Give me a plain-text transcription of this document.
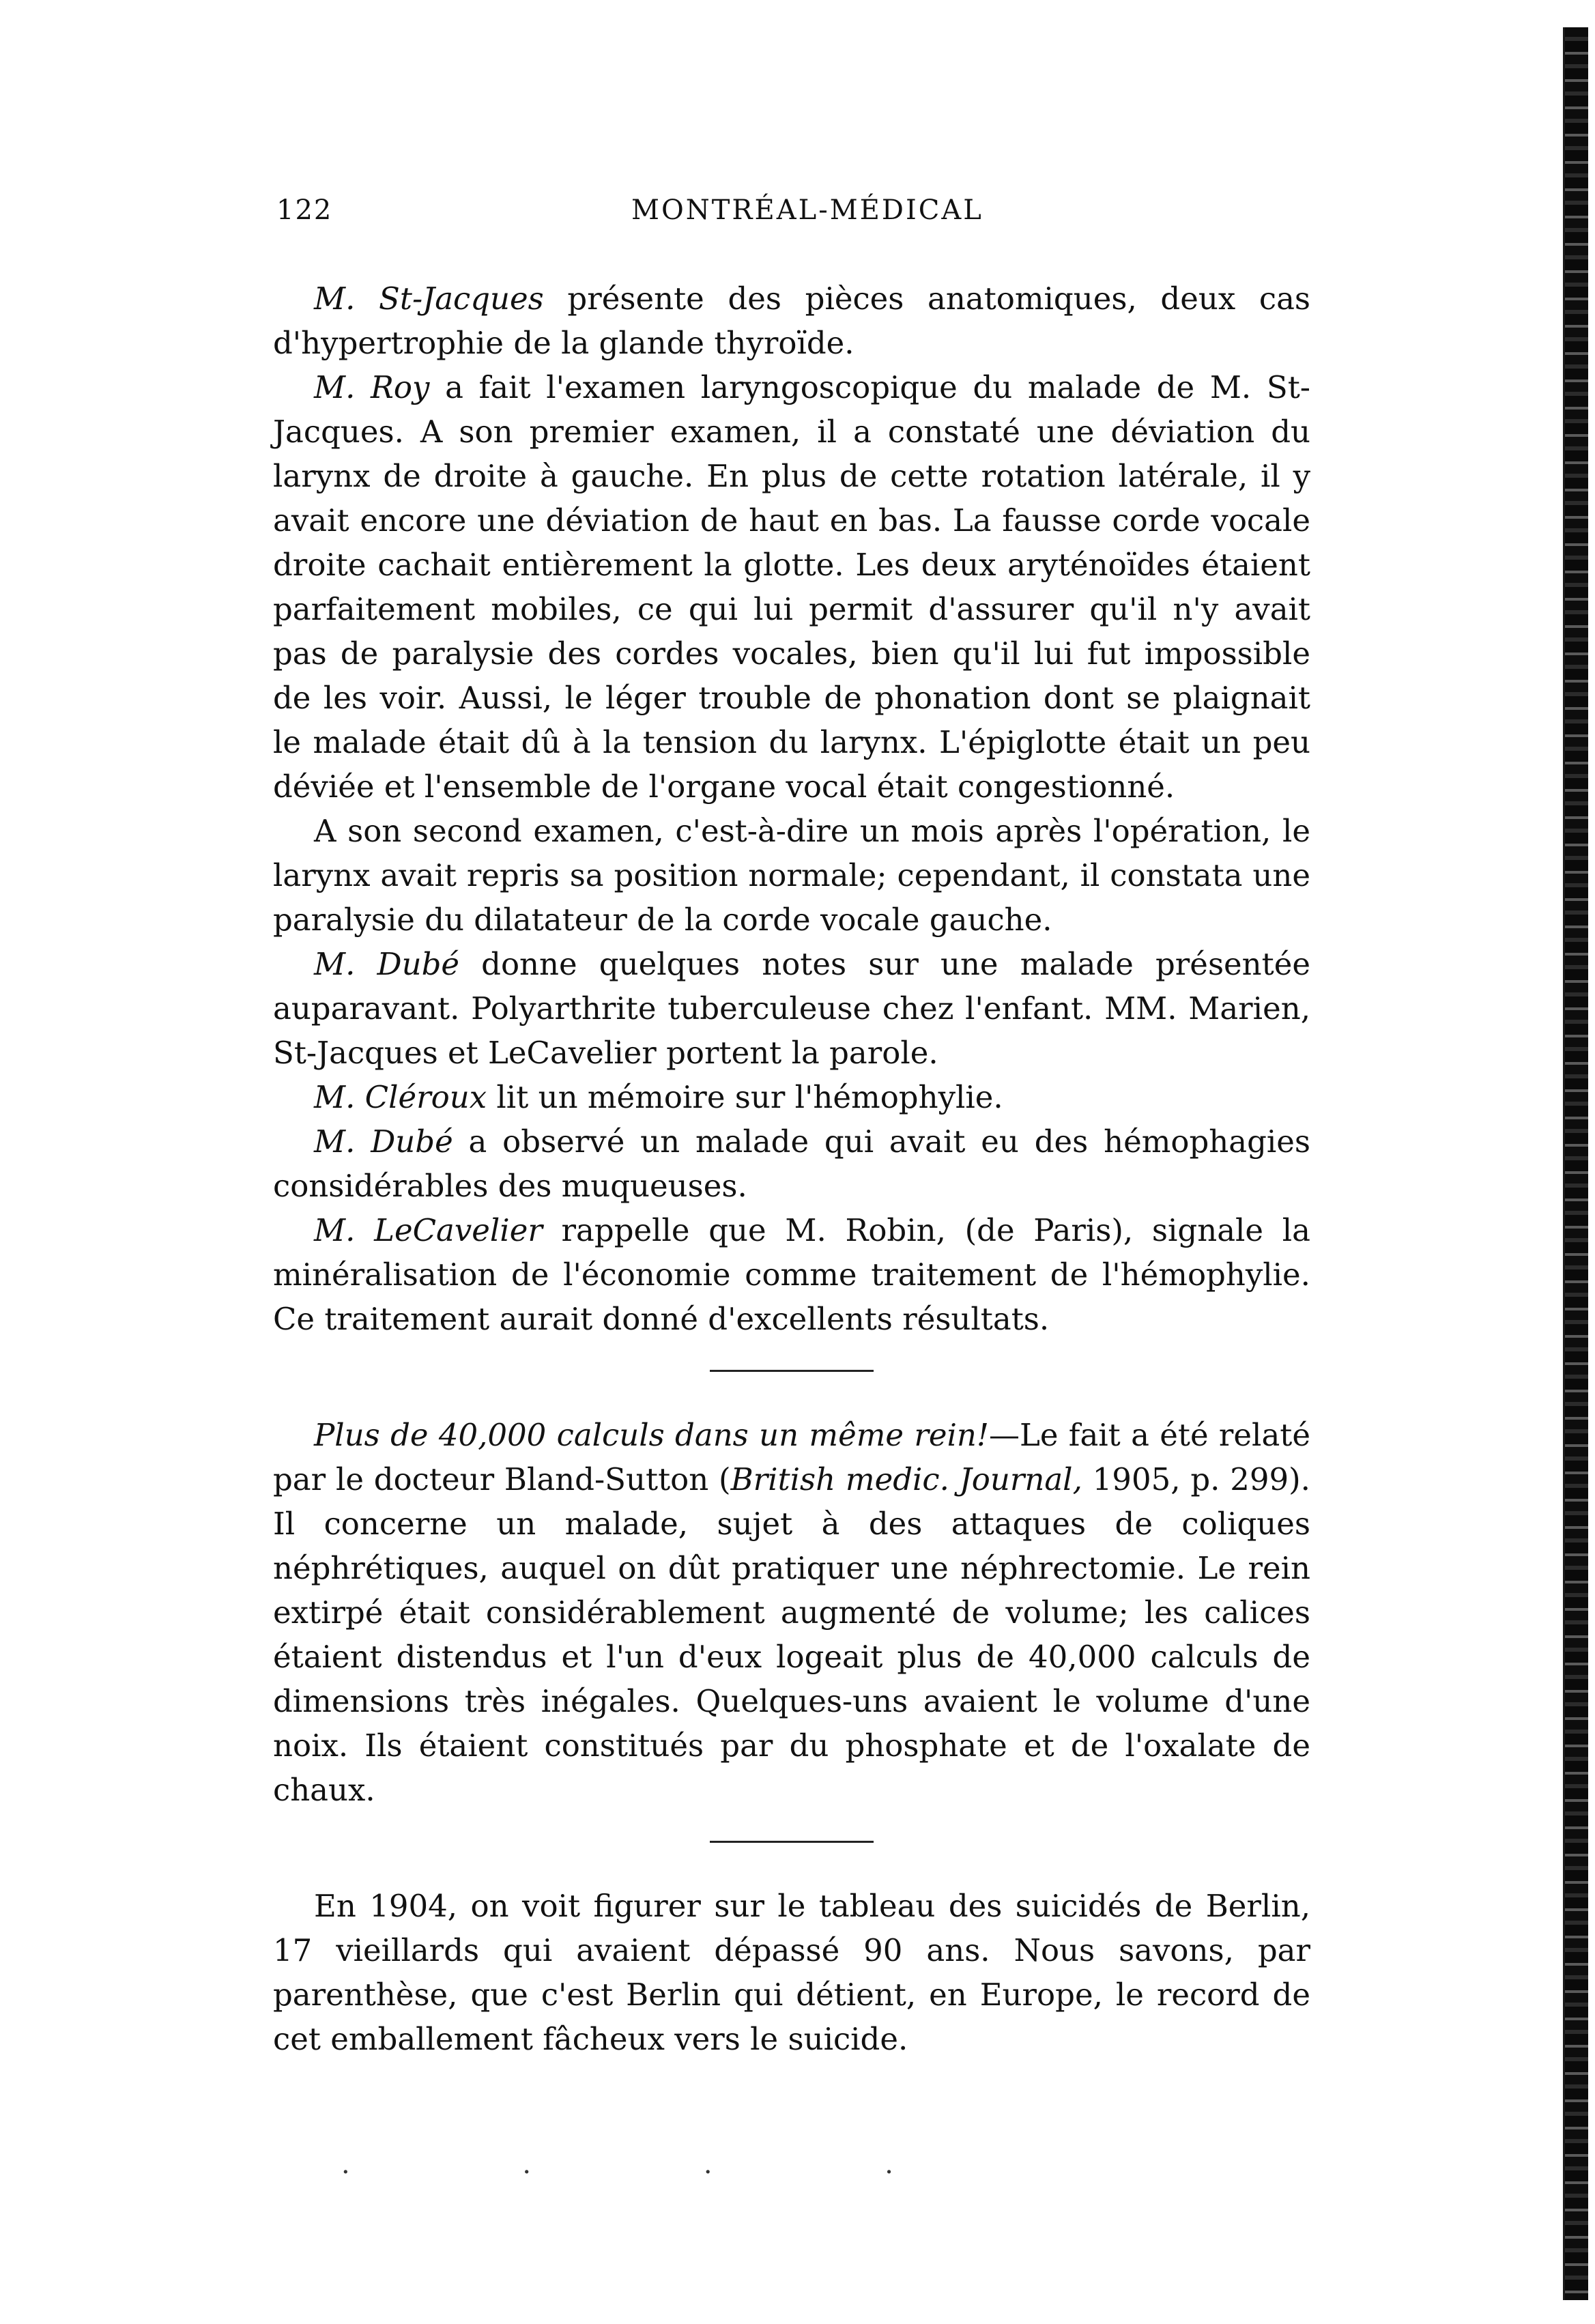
122	MONTRÉAL-MÉDICAL

M. St-Jacques présente des pièces anatomiques, deux cas d'hypertrophie de la glande thyroïde.

M. Roy a fait l'examen laryngoscopique du malade de M. St-Jacques. A son premier examen, il a constaté une déviation du larynx de droite à gauche. En plus de cette rotation latérale, il y avait encore une déviation de haut en bas. La fausse corde vocale droite cachait entièrement la glotte. Les deux aryténoïdes étaient parfaitement mobiles, ce qui lui permit d'assurer qu'il n'y avait pas de paralysie des cordes vocales, bien qu'il lui fut impossible de les voir. Aussi, le léger trouble de phonation dont se plaignait le malade était dû à la tension du larynx. L'épiglotte était un peu déviée et l'ensemble de l'organe vocal était congestionné.

A son second examen, c'est-à-dire un mois après l'opération, le larynx avait repris sa position normale; cependant, il constata une paralysie du dilatateur de la corde vocale gauche.

M. Dubé donne quelques notes sur une malade présentée auparavant. Polyarthrite tuberculeuse chez l'enfant. MM. Marien, St-Jacques et LeCavelier portent la parole.

M. Cléroux lit un mémoire sur l'hémophylie.

M. Dubé a observé un malade qui avait eu des hémophagies considérables des muqueuses.

M. LeCavelier rappelle que M. Robin, (de Paris), signale la minéralisation de l'économie comme traitement de l'hémophylie. Ce traitement aurait donné d'excellents résultats.

Plus de 40,000 calculs dans un même rein!—Le fait a été relaté par le docteur Bland-Sutton (British medic. Journal, 1905, p. 299). Il concerne un malade, sujet à des attaques de coliques néphrétiques, auquel on dût pratiquer une néphrectomie. Le rein extirpé était considérablement augmenté de volume; les calices étaient distendus et l'un d'eux logeait plus de 40,000 calculs de dimensions très inégales. Quelques-uns avaient le volume d'une noix. Ils étaient constitués par du phosphate et de l'oxalate de chaux.

En 1904, on voit figurer sur le tableau des suicidés de Berlin, 17 vieillards qui avaient dépassé 90 ans. Nous savons, par parenthèse, que c'est Berlin qui détient, en Europe, le record de cet emballement fâcheux vers le suicide.

· · · ·
